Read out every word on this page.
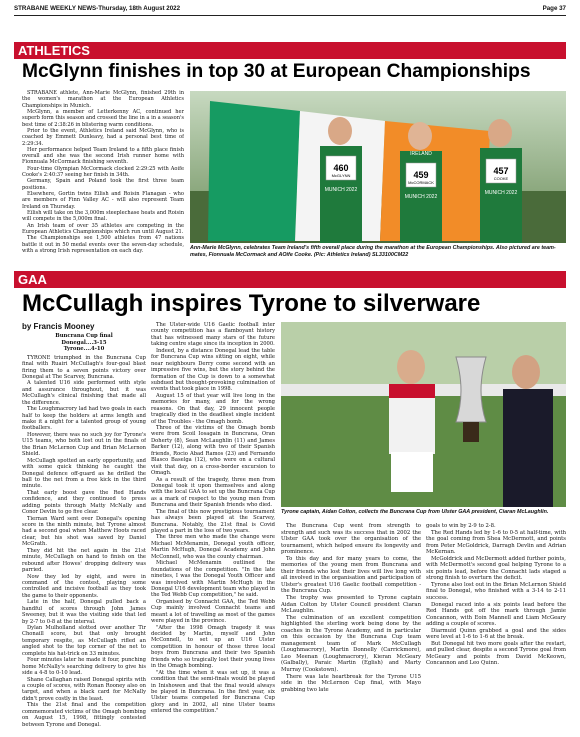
STRABANE WEEKLY NEWS-Thursday, 18th August 2022	Page 37
ATHLETICS
McGlynn finishes in top 30 at European Championships

STRABANE athlete, Ann-Marie McGlynn, finished 29th in the women's marathon at the European Athletics Championships in Munich.

McGlynn, a member of Letterkenny AC, continued her superb form this season and crossed the line in a in a season's best time of 2:38:26 in blistering warm conditions.

Prior to the event, Athletics Ireland said McGlynn, who is coached by Emmett Dunleavy, had a personal best time of 2:29:34.

Her performance helped Team Ireland to a fifth place finish overall and she was the second Irish runner home with Fionnuala McCormack finishing seventh.

Four-time Olympian McCormack clocked 2:29:25 with Aoife Cooke's 2:40:37 seeing her finish in 34th.

Germany, Spain and Poland took the first three team positions.

Elsewhere, Gortin twins Eilish and Roisin Flanagan - who are members of Finn Valley AC - will also represent Team Ireland on Thursday.

Eilish will take on the 3,000m steeplechase heats and Roisin will compete in the 5,000m final.

An Irish team of over 35 athletes are competing in the European Athletics Championships which run until August 21.

The Championships see 1,500 athletes from 47 nations battle it out in 50 medal events over the seven-day schedule, with a strong Irish representation on each day.

460
McGLYNN
MUNICH 2022
459
McCORMACK
MUNICH 2022
457
COOKE
MUNICH 2022
IRELAND
Ann-Marie McGlynn, celebrates Team Ireland's fifth overall place during the marathon at the European Championships. Also pictured are team-mates, Fionnuala McCormack and AOife Cooke. (Pic: Athletics Ireland) SL33100CM22
GAA
McCullagh inspires Tyrone to silverware
by Francis Mooney
Buncrana Cup final
Donegal....3-15
Tyrone....4-10

TYRONE triumphed in the Buncrana Cup final with Ruairi McCullagh's four-goal blast firing them to a seven points victory over Donegal at The Scarvey, Buncrana.

A talented U16 side performed with style and assurance throughout, but it was McCullagh's clinical finishing that made all the difference.

The Loughmacrory lad had two goals in each half to keep the holders at arms length and make it a night for a talented group of young footballers.

However, there was no such joy for Tyrone's U15 teams, who both lost out in the finals of the Brian McLernon Cup and Brian McLernon Shield.

McCullagh spotted an early opportunity, and with some quick thinking he caught the Donegal defence off-guard as he drilled the ball to the net from a free kick in the third minute.

That early boost gave the Red Hands confidence, and they continued to press adding points through Matty McNally and Conor Devlin to go five clear.

Tiernan Ward sent over Donegal's opening score in the ninth minute, but Tyrone almost had a second goal when Matthew Hoots raced clear, but his shot was saved by Daniel McGrath.

They did hit the net again in the 21st minute, McCullagh on hand to finish on the rebound after Howes' dropping delivery was parried.

Now they led by eight, and were in command of the contest, playing some controlled and incisive football as they took the game to their opponents.

Late in the half, Donegal pulled back a handful of scores through John James Sweeney, but it was the visiting side that led by 2-7 to 0-8 at the interval.

Dylan Mulholland slotted over another Tir Chonaill score, but that only brought temporary respite, as McCullagh rifled an angled shot to the top corner of the net to complete his hat-trick on 33 minutes.

Four minutes later he made it four, punching home McNally's searching delivery to give his side a 4-8 to 0-10 lead.

Shane Callaghan raised Donegal spirits with a couple of scores, with Ronan Rooney also on target, and when a black card for McNally didn't prove costly in the least.

This the 21st final and the competition commemorated victims of the Omagh bombing on August 15, 1998, fittingly contested between Tyrone and Donegal.

The Ulster-wide U16 Gaelic football inter county competition has a flamboyant history that has witnessed many stars of the future taking centre stage since its inception in 2000.

Indeed, by a distance Donegal lead the table for Buncrana Cup wins sitting on eight, while near neighbours Derry come second with an impressive five wins, but the story behind the formation of the Cup is down to a somewhat subdued but thought-provoking culmination of events that took place in 1998.

August 15 of that year will live long in the memories for many, and for the wrong reasons. On that day, 29 innocent people tragically died in the deadliest single incident of the Troubles - the Omagh bomb.

Three of the victims of the Omagh bomb were from Scoil Iosagain in Buncrana, Oran Doherty (8), Sean McLaughlin (11) and James Barker (12), along with two of their Spanish friends, Rocio Abad Ramos (23) and Fernando Blasco Baselga (12), who were on a cultural visit that day, on a cross-border excursion to Omagh.

As a result of the tragedy, three men from Donegal took it upon themselves and along with the local GAA to set up the Buncrana Cup as a mark of respect to the young men from Buncrana and their Spanish friends who died.

The final of this now prestigious tournament has always been played at the Scarvey, Buncrana. Notably, the 21st final is Covid played a part in the loss of two years.

The three men who made the change were Michael McMenamin, Donegal youth officer, Martin McHugh, Donegal Academy and John McConnell, who was the county chairman.

Michael McMenamin outlined the foundations of the competition. "In the late nineties, I was the Donegal Youth Officer and was involved with Martin McHugh in the Donegal U16 development team who played in the Ted Webb Cup competition," he said.

Organised by Connacht GAA, the Ted Webb Cup mainly involved Connacht teams and meant a lot of travelling as most of the games were played in the province.

"After the 1998 Omagh tragedy it was decided by Martin, myself and John McConnell, to set up an U16 Ulster competition in honour of those three local boys from Buncrana and their two Spanish friends who so tragically lost their young lives in the Omagh bombing.

"At the time when it was set up, it was a condition that the semi-finals would be played in Inishowen and that the final would always be played in Buncrana. In the first year, six Ulster teams competed for Buncrana Cup glory and in 2002, all nine Ulster teams entered the competition."

Tyrone captain, Aidan Colton, collects the Buncrana Cup from Ulster GAA president, Ciaran McLaughlin.

The Buncrana Cup went from strength to strength and such was its success that in 2002 the Ulster GAA took over the organisation of the tournament, which helped ensure its longevity and prominence.

To this day and for many years to come, the memories of the young men from Buncrana and their friends who lost their lives will live long with all involved in the organisation and participation of Ulster's greatest U16 Gaelic football competition - the Buncrana Cup.

The trophy was presented to Tyrone captain Aidan Colton by Ulster Council president Ciaran McLaughlin.

The culmination of an excellent competition highlighted the sterling work being done by the coaches in the Tyrone Academy, and in particular on this occasion by the Buncrana Cup team management team of Mark McCullagh (Loughmacrory), Martin Donnelly (Carrickmore), Leo Meenan (Loughmacrory), Kieran McGeary (Galbally), Paraic Martin (Eglish) and Marty Murray (Cookstown).

There was late heartbreak for the Tyrone U15 side in the McLernon Cup final, with Mayo grabbing two late

goals to win by 2-9 to 2-8.

The Red Hands led by 1-6 to 0-5 at half-time, with the goal coming from Shea McDermott, and points from Peter McGoldrick, Darragh Devlin and Adrian McKernan.

McGoldrick and McDermott added further points, with McDermott's second goal helping Tyrone to a six points lead, before the Connacht lads staged a strong finish to overturn the deficit.

Tyrone also lost out in the Brian McLernon Shield final to Donegal, who finished with a 3-14 to 2-11 success.

Donegal raced into a six points lead before the Red Hands got off the mark through Jamie Concannon, with Eoin Mannell and Liam McGeary adding a couple of scores.

Diarmuid Quinn grabbed a goal and the sides were level at 1-6 to 1-6 at the break.

But Donegal hit two more goals after the restart, and pulled clear, despite a second Tyrone goal from McGeary and points from David McKeown, Concannon and Leo Quinn.
